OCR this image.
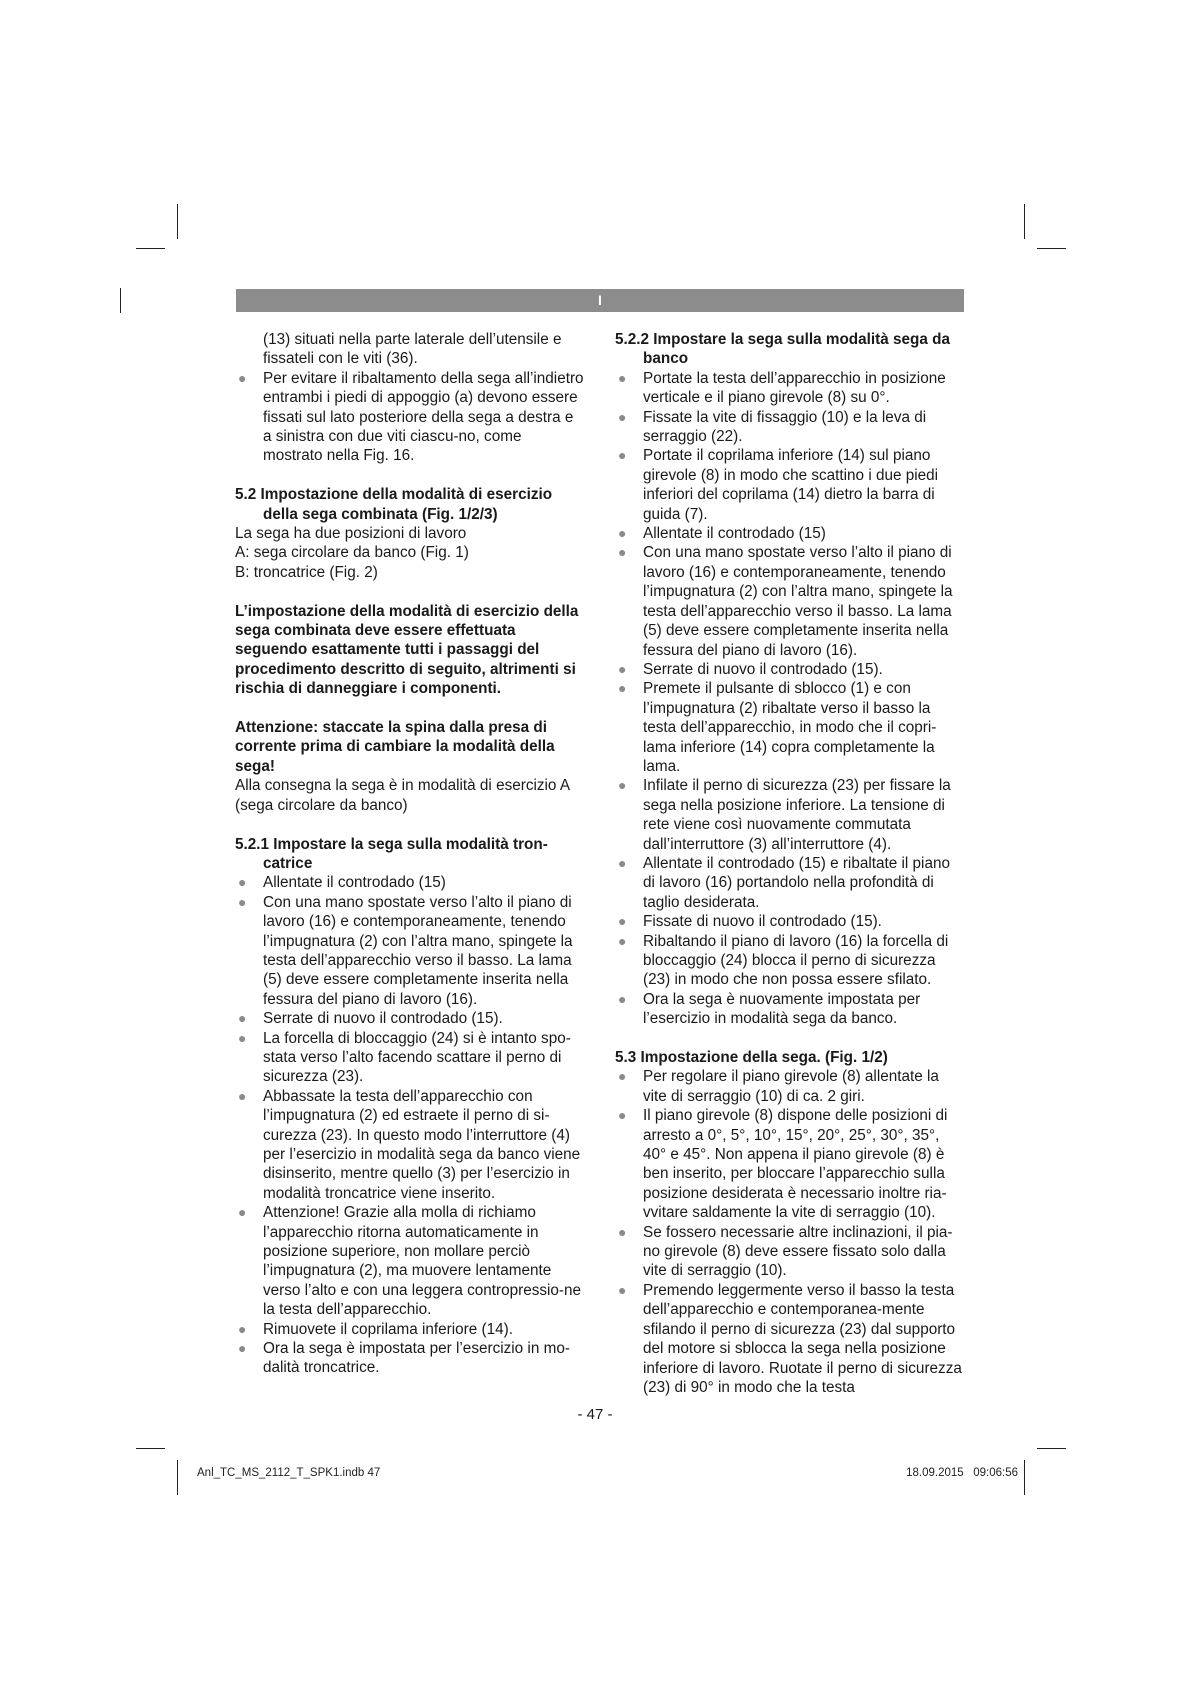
I

(13) situati nella parte laterale dell’utensile e fissateli con le viti (36).

● Per evitare il ribaltamento della sega all’indietro entrambi i piedi di appoggio (a) devono essere fissati sul lato posteriore della sega a destra e a sinistra con due viti ciascu-no, come mostrato nella Fig. 16.

5.2 Impostazione della modalità di esercizio della sega combinata (Fig. 1/2/3)

La sega ha due posizioni di lavoro

A: sega circolare da banco (Fig. 1)

B: troncatrice (Fig. 2)

L’impostazione della modalità di esercizio della sega combinata deve essere effettuata seguendo esattamente tutti i passaggi del procedimento descritto di seguito, altrimenti si rischia di danneggiare i componenti.

Attenzione: staccate la spina dalla presa di corrente prima di cambiare la modalità della sega!

Alla consegna la sega è in modalità di esercizio A (sega circolare da banco)

5.2.1 Impostare la sega sulla modalità tron-catrice

● Allentate il controdado (15)
● Con una mano spostate verso l’alto il piano di lavoro (16) e contemporaneamente, tenendo l’impugnatura (2) con l’altra mano, spingete la testa dell’apparecchio verso il basso. La lama (5) deve essere completamente inserita nella fessura del piano di lavoro (16).
● Serrate di nuovo il controdado (15).
● La forcella di bloccaggio (24) si è intanto spo-stata verso l’alto facendo scattare il perno di sicurezza (23).
● Abbassate la testa dell’apparecchio con l’impugnatura (2) ed estraete il perno di si-curezza (23). In questo modo l’interruttore (4) per l’esercizio in modalità sega da banco viene disinserito, mentre quello (3) per l’esercizio in modalità troncatrice viene inserito.
● Attenzione! Grazie alla molla di richiamo l’apparecchio ritorna automaticamente in posizione superiore, non mollare perciò l’impugnatura (2), ma muovere lentamente verso l’alto e con una leggera contropressio-ne la testa dell’apparecchio.
● Rimuovete il coprilama inferiore (14).
● Ora la sega è impostata per l’esercizio in mo-dalità troncatrice.

5.2.2 Impostare la sega sulla modalità sega da banco

● Portate la testa dell’apparecchio in posizione verticale e il piano girevole (8) su 0°.
● Fissate la vite di fissaggio (10) e la leva di serraggio (22).
● Portate il coprilama inferiore (14) sul piano girevole (8) in modo che scattino i due piedi inferiori del coprilama (14) dietro la barra di guida (7).
● Allentate il controdado (15)
● Con una mano spostate verso l’alto il piano di lavoro (16) e contemporaneamente, tenendo l’impugnatura (2) con l’altra mano, spingete la testa dell’apparecchio verso il basso. La lama (5) deve essere completamente inserita nella fessura del piano di lavoro (16).
● Serrate di nuovo il controdado (15).
● Premete il pulsante di sblocco (1) e con l’impugnatura (2) ribaltate verso il basso la testa dell’apparecchio, in modo che il copri-lama inferiore (14) copra completamente la lama.
● Infilate il perno di sicurezza (23) per fissare la sega nella posizione inferiore. La tensione di rete viene così nuovamente commutata dall’interruttore (3) all’interruttore (4).
● Allentate il controdado (15) e ribaltate il piano di lavoro (16) portandolo nella profondità di taglio desiderata.
● Fissate di nuovo il controdado (15).
● Ribaltando il piano di lavoro (16) la forcella di bloccaggio (24) blocca il perno di sicurezza (23) in modo che non possa essere sfilato.
● Ora la sega è nuovamente impostata per l’esercizio in modalità sega da banco.

5.3 Impostazione della sega. (Fig. 1/2)

● Per regolare il piano girevole (8) allentate la vite di serraggio (10) di ca. 2 giri.
● Il piano girevole (8) dispone delle posizioni di arresto a 0°, 5°, 10°, 15°, 20°, 25°, 30°, 35°, 40° e 45°. Non appena il piano girevole (8) è ben inserito, per bloccare l’apparecchio sulla posizione desiderata è necessario inoltre ria-vvitare saldamente la vite di serraggio (10).
● Se fossero necessarie altre inclinazioni, il pia-no girevole (8) deve essere fissato solo dalla vite di serraggio (10).
● Premendo leggermente verso il basso la testa dell’apparecchio e contemporanea-mente sfilando il perno di sicurezza (23) dal supporto del motore si sblocca la sega nella posizione inferiore di lavoro. Ruotate il perno di sicurezza (23) di 90° in modo che la testa
- 47 -
Anl_TC_MS_2112_T_SPK1.indb 47	18.09.2015   09:06:56
